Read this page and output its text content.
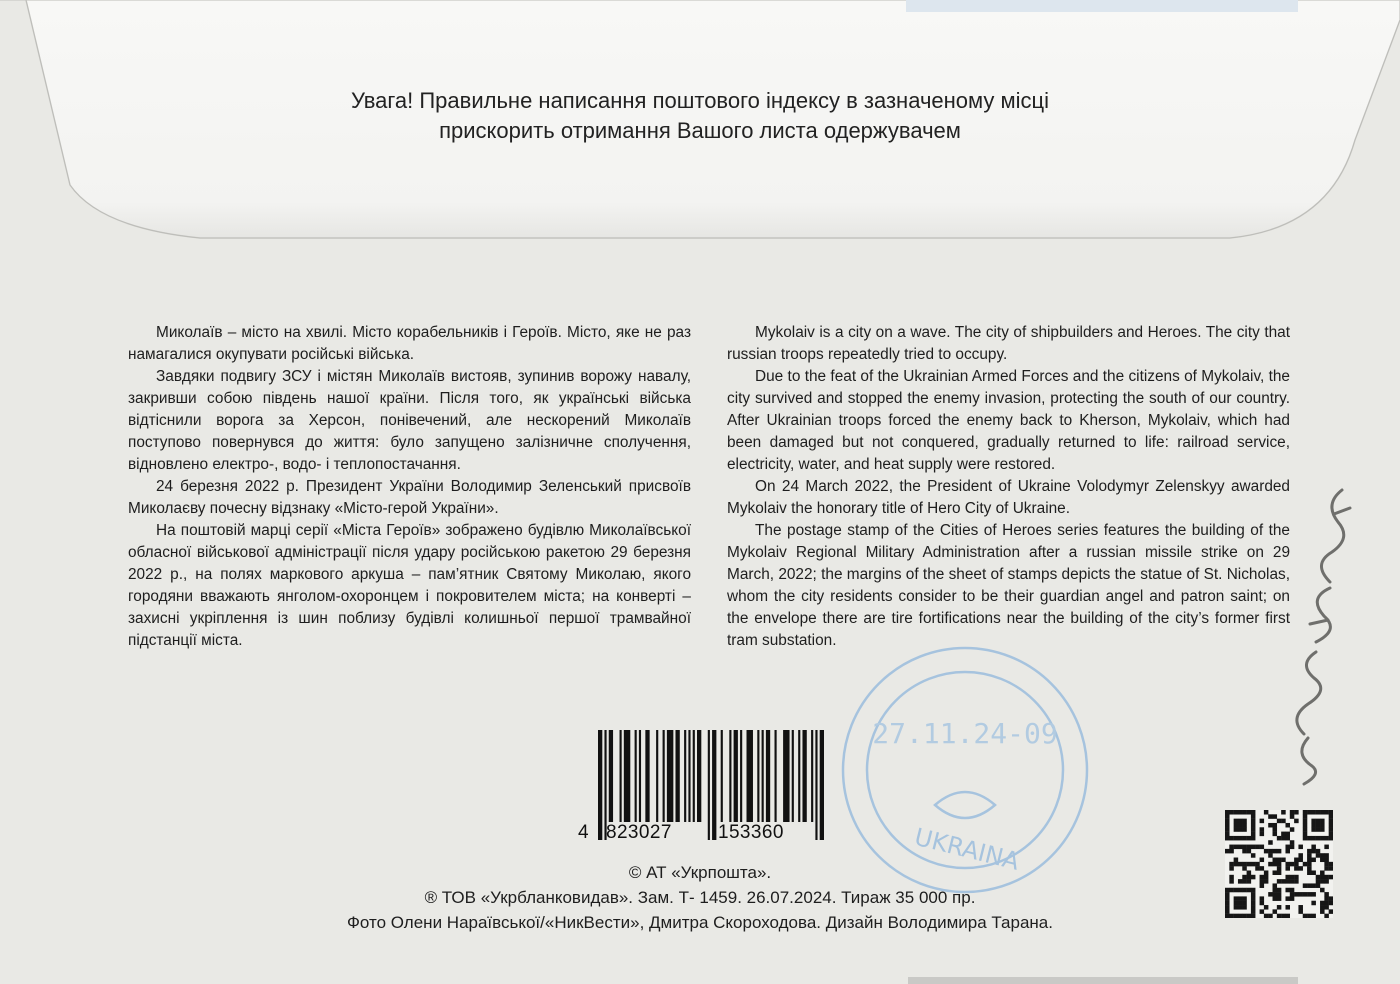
Увага! Правильне написання поштового індексу в зазначеному місці
прискорить отримання Вашого листа одержувачем

Миколаїв – місто на хвилі. Місто корабельників і Героїв. Місто, яке не раз намагалися окупувати російські війська.

Завдяки подвигу ЗСУ і містян Миколаїв вистояв, зупинив ворожу навалу, закривши собою південь нашої країни. Після того, як українські війська відтіснили ворога за Херсон, понівечений, але нескорений Миколаїв поступово повернувся до життя: було запущено залізничне сполучення, відновлено електро-, водо- і теплопостачання.

24 березня 2022 р. Президент України Володимир Зеленський присвоїв Миколаєву почесну відзнаку «Місто-герой України».

На поштовій марці серії «Міста Героїв» зображено будівлю Миколаївської обласної військової адміністрації після удару російською ракетою 29 березня 2022 р., на полях маркового аркуша – пам’ятник Святому Миколаю, якого городяни вважають янголом-охоронцем і покровителем міста; на конверті – захисні укріплення із шин поблизу будівлі колишньої першої трамвайної підстанції міста.

Mykolaiv is a city on a wave. The city of shipbuilders and Heroes. The city that russian troops repeatedly tried to occupy.

Due to the feat of the Ukrainian Armed Forces and the citizens of Mykolaiv, the city survived and stopped the enemy invasion, protecting the south of our country. After Ukrainian troops forced the enemy back to Kherson, Mykolaiv, which had been damaged but not conquered, gradually returned to life: railroad service, electricity, water, and heat supply were restored.

On 24 March 2022, the President of Ukraine Volodymyr Zelenskyy awarded Mykolaiv the honorary title of Hero City of Ukraine.

The postage stamp of the Cities of Heroes series features the building of the Mykolaiv Regional Military Administration after a russian missile strike on 29 March, 2022; the margins of the sheet of stamps depicts the statue of St. Nicholas, whom the city residents consider to be their guardian angel and patron saint; on the envelope there are tire fortifications near the building of the city’s former first tram substation.

27.11.24-09
UKRAINA
4 823027 153360
© АТ «Укрпошта».
® ТОВ «Укрбланковидав». Зам. Т- 1459. 26.07.2024. Тираж 35 000 пр.
Фото Олени Нараївської/«НикВести», Дмитра Скороходова. Дизайн Володимира Тарана.
